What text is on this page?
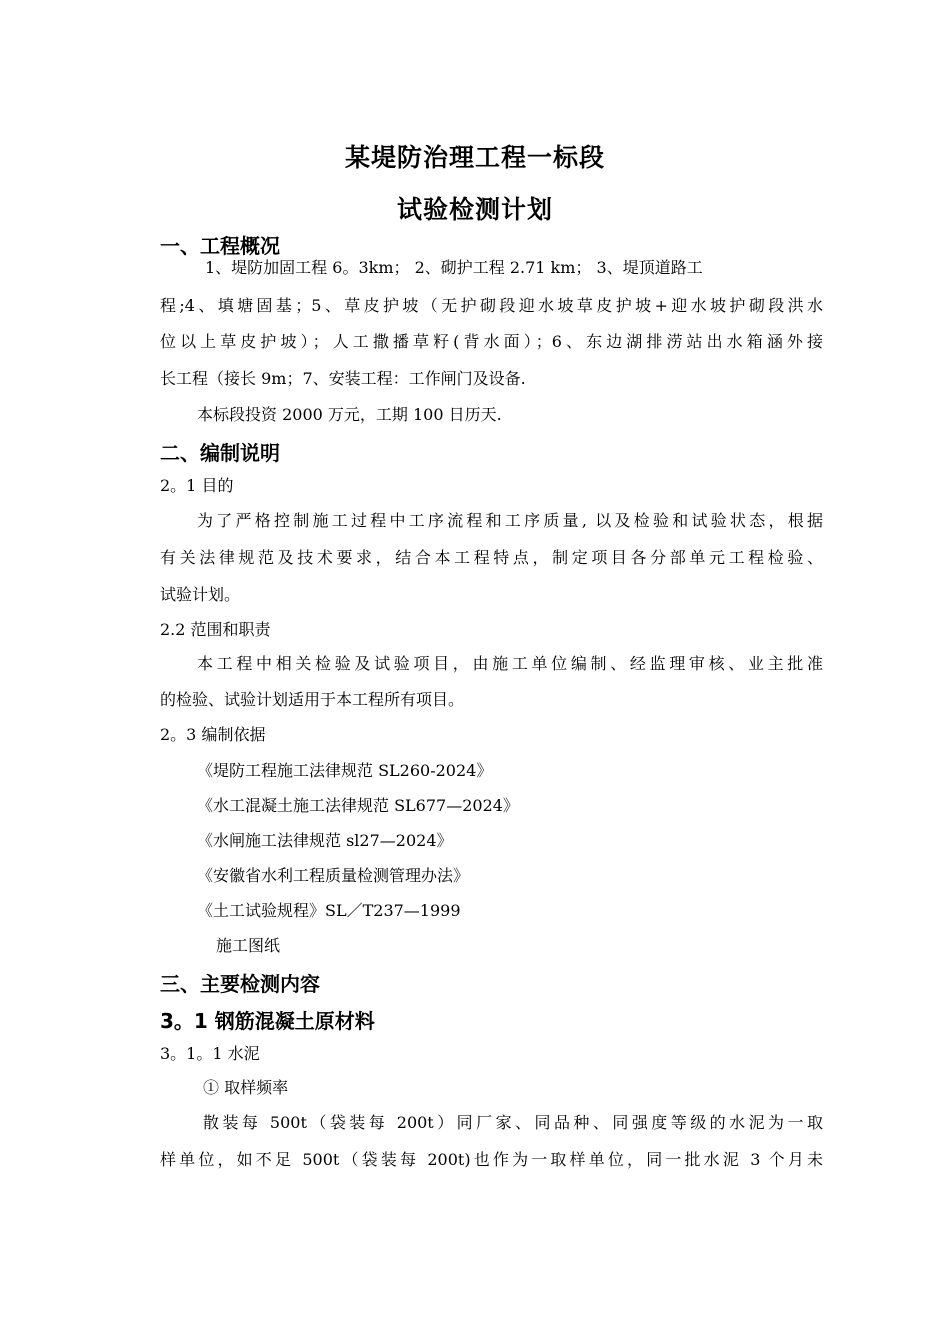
某堤防治理工程一标段
试验检测计划
一、工程概况
1、堤防加固工程 6。3km； 2、砌护工程 2.71 km； 3、堤顶道路工
程;4、填塘固基；5、草皮护坡（无护砌段迎水坡草皮护坡+迎水坡护砌段洪水
位以上草皮护坡）；人工撒播草籽(背水面）；6、东边湖排涝站出水箱涵外接
长工程（接长 9m；7、安装工程：工作闸门及设备.
本标段投资 2000 万元，工期 100 日历天.
二、编制说明
2。1 目的
为了严格控制施工过程中工序流程和工序质量, 以及检验和试验状态，根据
有关法律规范及技术要求，结合本工程特点，制定项目各分部单元工程检验、
试验计划。
2.2 范围和职责
本工程中相关检验及试验项目，由施工单位编制、经监理审核、业主批准
的检验、试验计划适用于本工程所有项目。
2。3 编制依据
《堤防工程施工法律规范 SL260-2024》
《水工混凝土施工法律规范 SL677—2024》
《水闸施工法律规范 sl27—2024》
《安徽省水利工程质量检测管理办法》
《土工试验规程》SL／T237—1999
施工图纸
三、主要检测内容
3。1 钢筋混凝土原材料
3。1。1 水泥
① 取样频率
散装每 500t（袋装每 200t）同厂家、同品种、同强度等级的水泥为一取
样单位，如不足 500t（袋装每 200t)也作为一取样单位，同一批水泥 3 个月未
